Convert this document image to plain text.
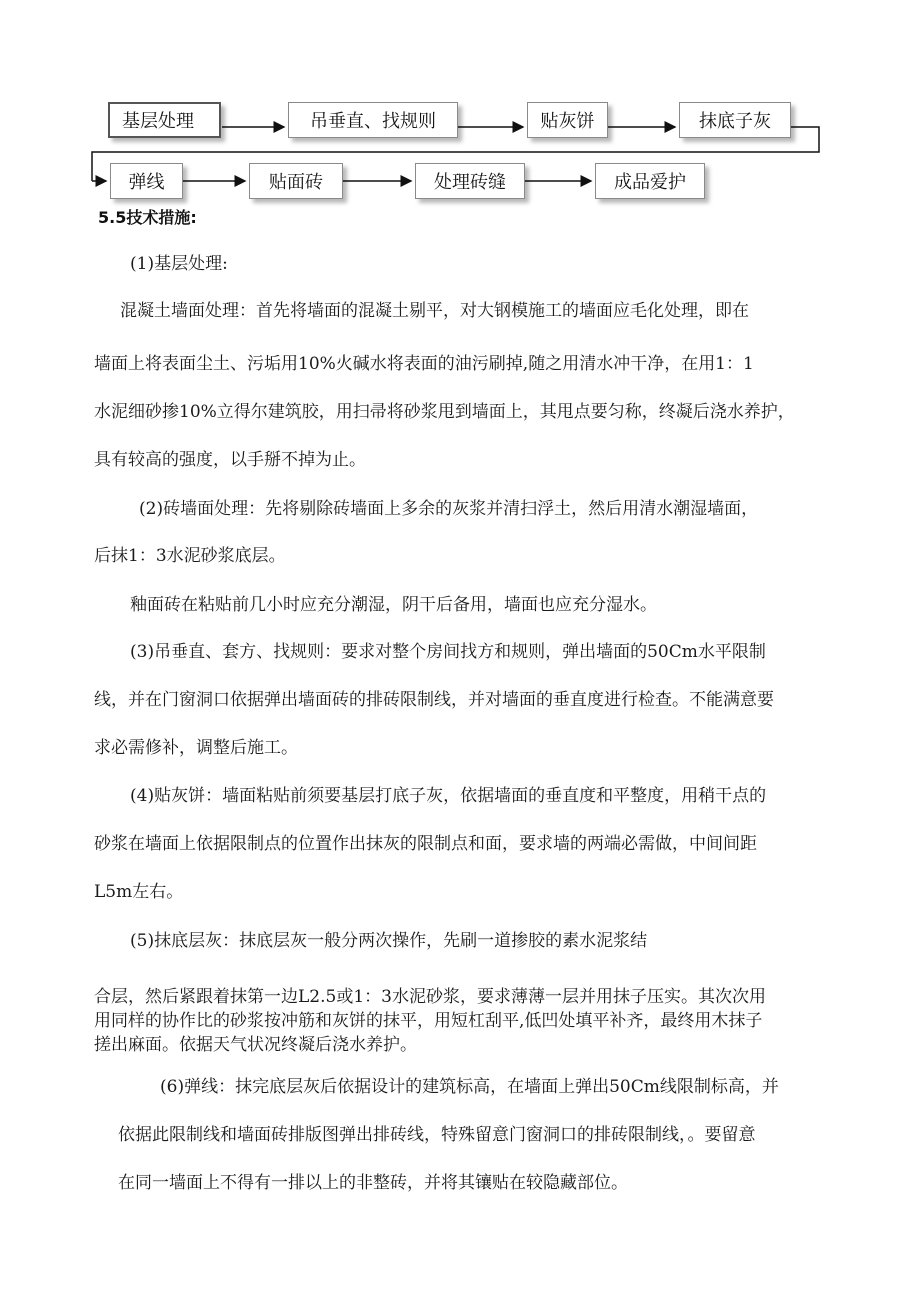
基层处理	吊垂直、找规则	贴灰饼	抹底子灰
弹线	贴面砖	处理砖缝	成品爱护
5.5技术措施:
(1)基层处理:
混凝土墙面处理：首先将墙面的混凝土剔平，对大钢模施工的墙面应毛化处理，即在
墙面上将表面尘土、污垢用10%火碱水将表面的油污刷掉,随之用清水冲干净，在用1：1
水泥细砂掺10%立得尔建筑胶，用扫帚将砂浆甩到墙面上，其甩点要匀称，终凝后浇水养护，
具有较高的强度，以手掰不掉为止。
(2)砖墙面处理：先将剔除砖墙面上多余的灰浆并清扫浮土，然后用清水潮湿墙面，
后抹1：3水泥砂浆底层。
釉面砖在粘贴前几小时应充分潮湿，阴干后备用，墙面也应充分湿水。
(3)吊垂直、套方、找规则：要求对整个房间找方和规则，弹出墙面的50Cm水平限制
线，并在门窗洞口依据弹出墙面砖的排砖限制线，并对墙面的垂直度进行检查。不能满意要
求必需修补，调整后施工。
(4)贴灰饼：墙面粘贴前须要基层打底子灰，依据墙面的垂直度和平整度，用稍干点的
砂浆在墙面上依据限制点的位置作出抹灰的限制点和面，要求墙的两端必需做，中间间距
L5m左右。
(5)抹底层灰：抹底层灰一般分两次操作，先刷一道掺胶的素水泥浆结
合层，然后紧跟着抹第一边L2.5或1：3水泥砂浆，要求薄薄一层并用抹子压实。其次次用
用同样的协作比的砂浆按冲筋和灰饼的抹平，用短杠刮平,低凹处填平补齐，最终用木抹子
搓出麻面。依据天气状况终凝后浇水养护。
(6)弹线：抹完底层灰后依据设计的建筑标高，在墙面上弹出50Cm线限制标高，并
依据此限制线和墙面砖排版图弹出排砖线，特殊留意门窗洞口的排砖限制线，。要留意
在同一墙面上不得有一排以上的非整砖，并将其镶贴在较隐藏部位。
